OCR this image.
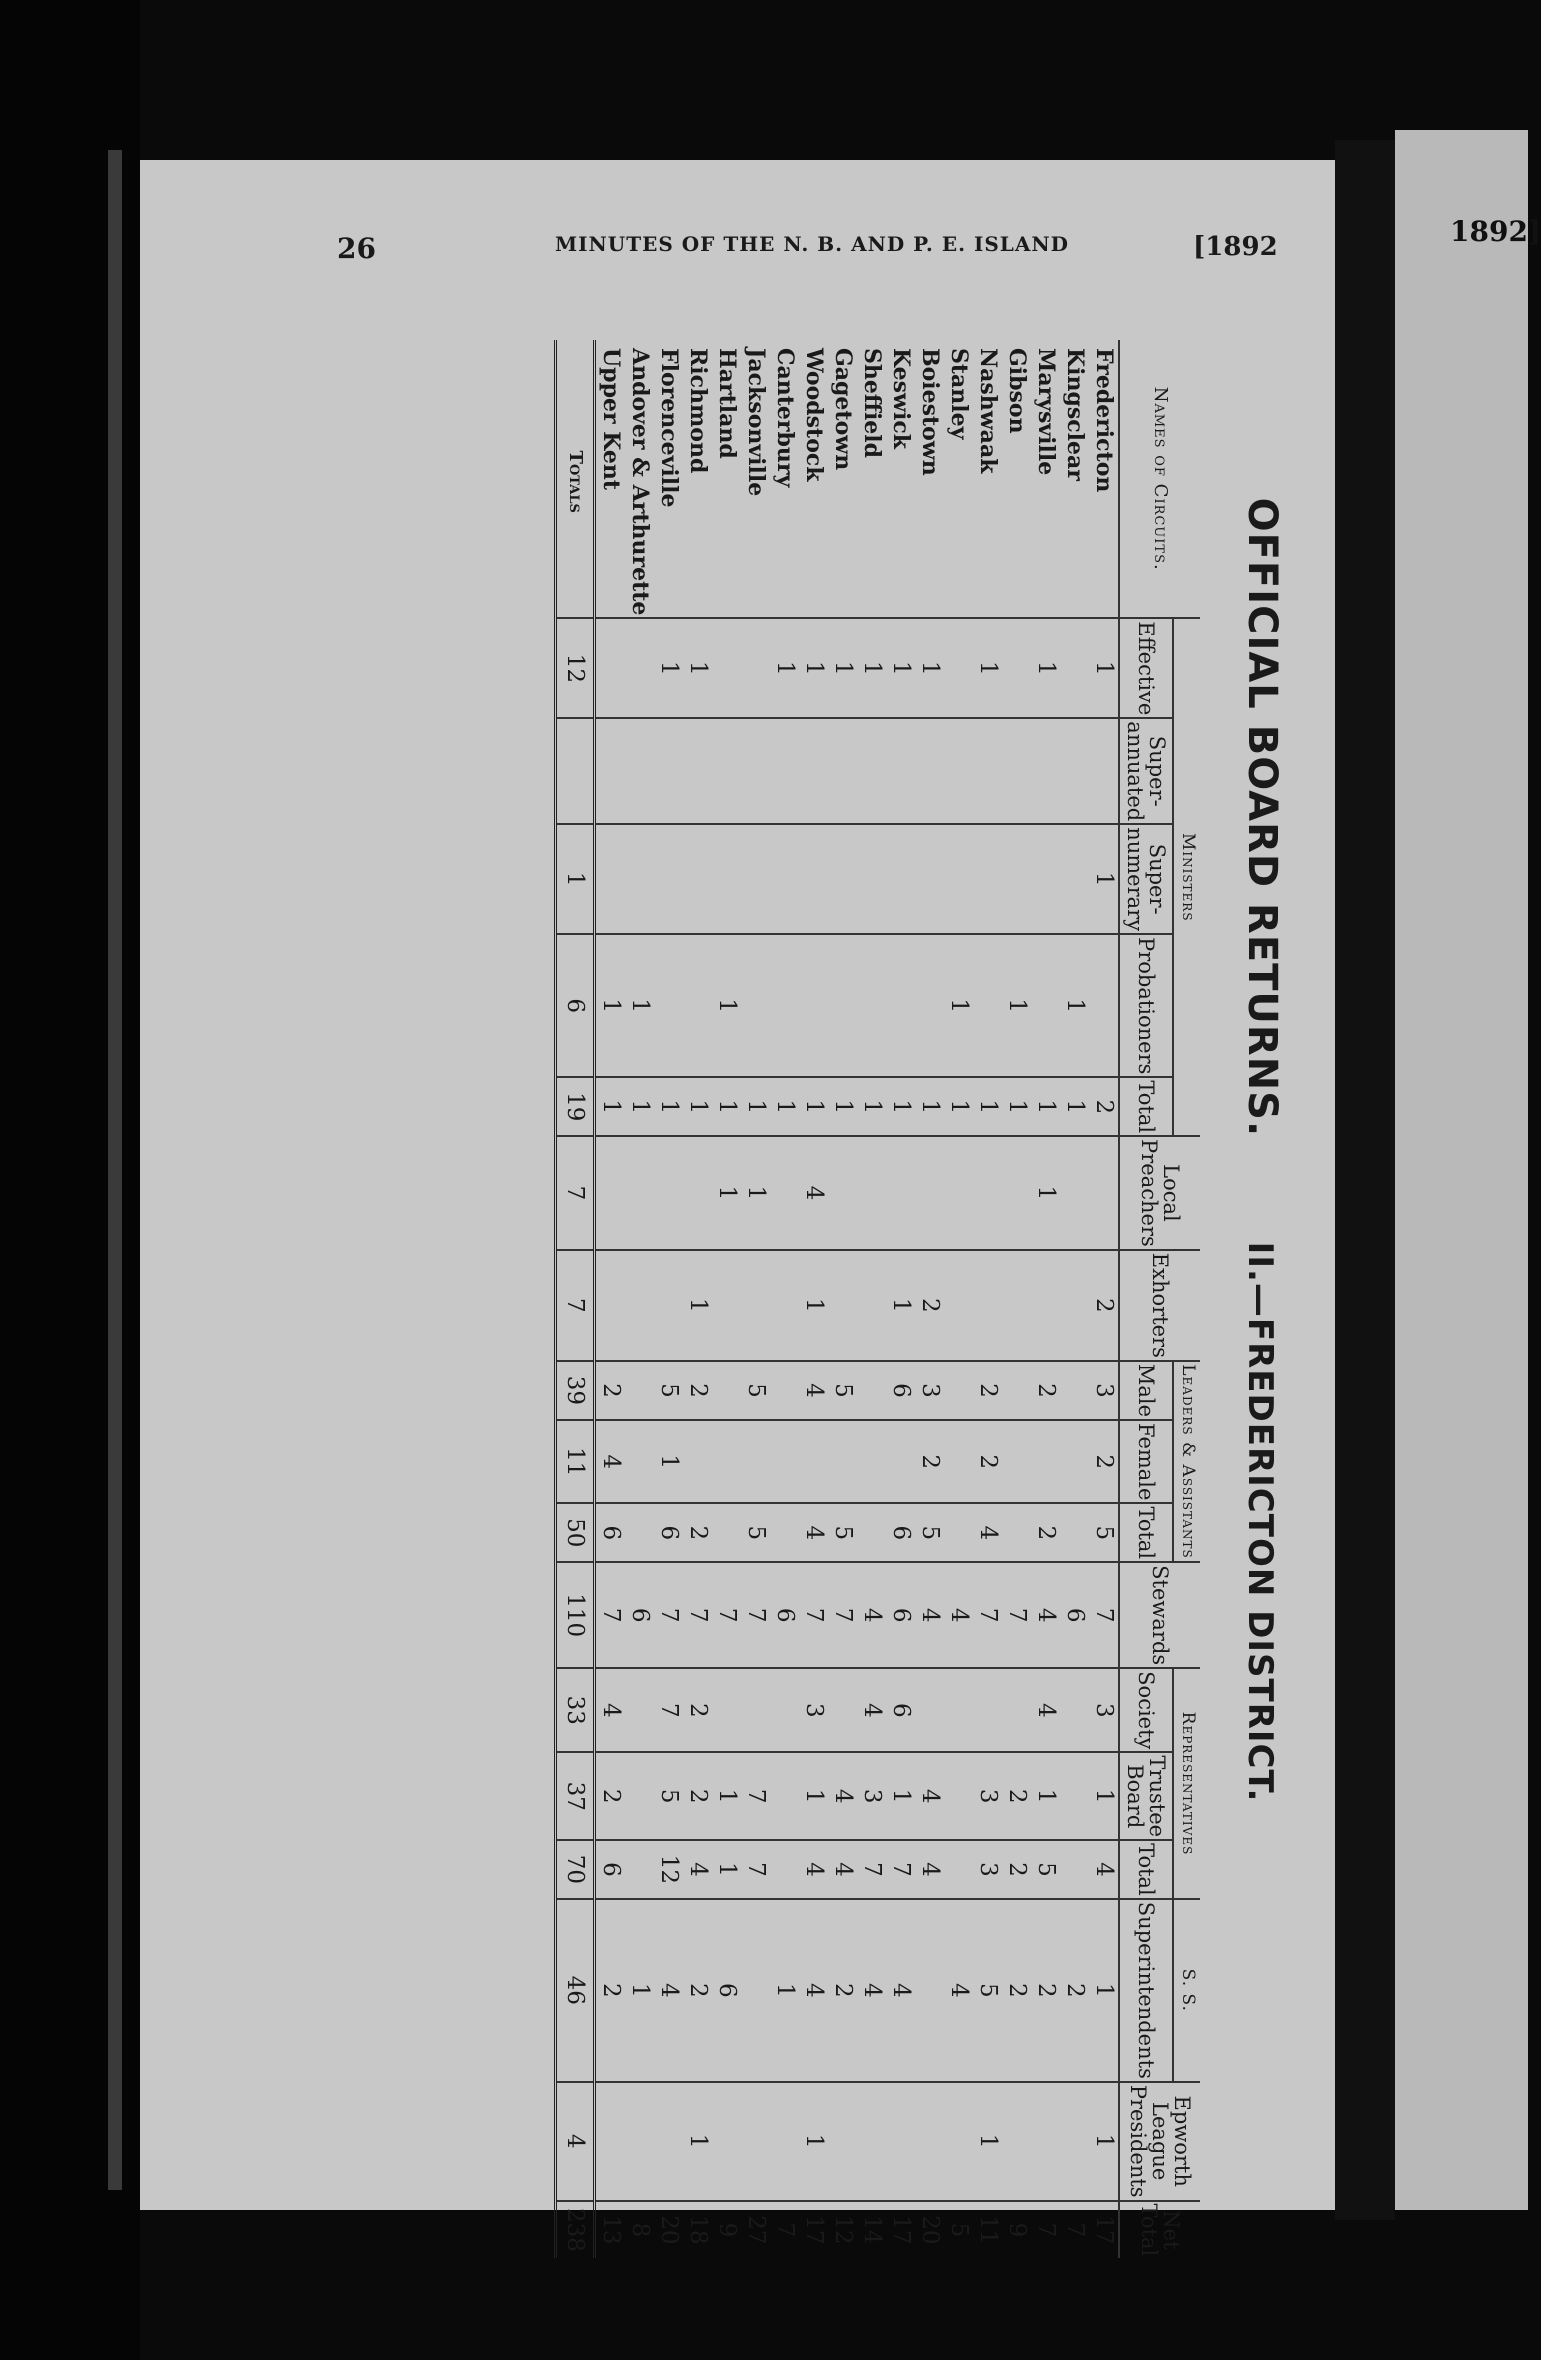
1892]
26	MINUTES OF THE N. B. AND P. E. ISLAND	[1892
OFFICIAL BOARD RETURNS.       II.—FREDERICTON DISTRICT.
Names of Circuits.	Ministers					Local Preachers	Exhorters	Leaders & Assistants			Stewards	Representatives			S. S.	Epworth League Presidents	Net Total
	Effective	Super-annuated	Super-numerary	Probationers	Total			Male	Female	Total		Society	Trustee Board	Total	Superintendents		
Fredericton	1		1		2		2	3	2	5	7	3	1	4	1	1	17
Kingsclear				1	1						6				2		7
Marysville	1				1	1		2		2	4	4	1	5	2		7
Gibson				1	1						7		2	2	2		9
Nashwaak	1				1			2	2	4	7		3	3	5	1	11
Stanley				1	1						4				4		5
Boiestown	1				1		2	3	2	5	4		4	4			20
Keswick	1				1		1	6		6	6	6	1	7	4		17
Sheffield	1				1						4	4	3	7	4		14
Gagetown	1				1			5		5	7		4	4	2		12
Woodstock	1				1	4	1	4		4	7	3	1	4	4	1	17
Canterbury	1				1						6				1		7
Jacksonville					1	1		5		5	7		7	7			27
Hartland				1	1	1					7		1	1	6		9
Richmond	1				1		1	2		2	7	2	2	4	2	1	18
Florenceville	1				1			5	1	6	7	7	5	12	4		20
Andover & Arthurette				1	1						6				1		8
Upper Kent				1	1			2	4	6	7	4	2	6	2		13
Totals	12		1	6	19	7	7	39	11	50	110	33	37	70	46	4	238
